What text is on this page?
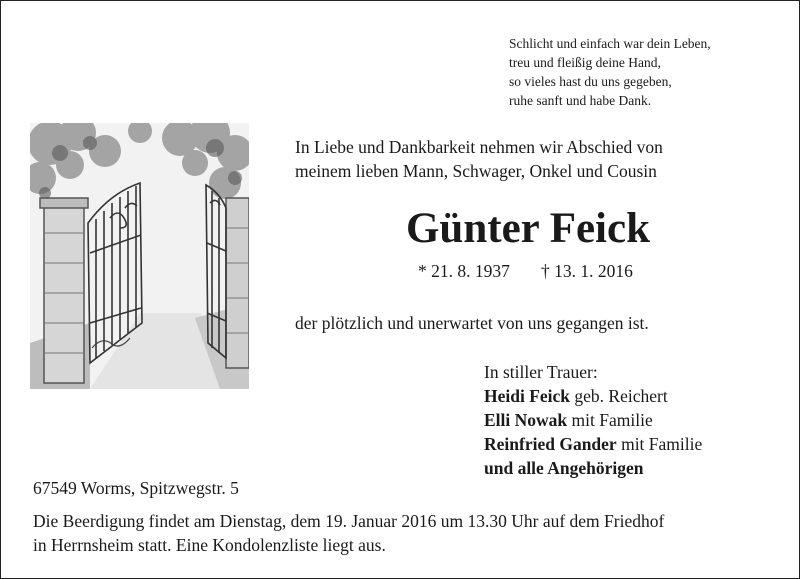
Schlicht und einfach war dein Leben,
treu und fleißig deine Hand,
so vieles hast du uns gegeben,
ruhe sanft und habe Dank.
In Liebe und Dankbarkeit nehmen wir Abschied von
meinem lieben Mann, Schwager, Onkel und Cousin
Günter Feick
* 21. 8. 1937 † 13. 1. 2016
der plötzlich und unerwartet von uns gegangen ist.
In stiller Trauer:
Heidi Feick geb. Reichert
Elli Nowak mit Familie
Reinfried Gander mit Familie
und alle Angehörigen
67549 Worms, Spitzwegstr. 5
Die Beerdigung findet am Dienstag, dem 19. Januar 2016 um 13.30 Uhr auf dem Friedhof
in Herrnsheim statt. Eine Kondolenzliste liegt aus.
